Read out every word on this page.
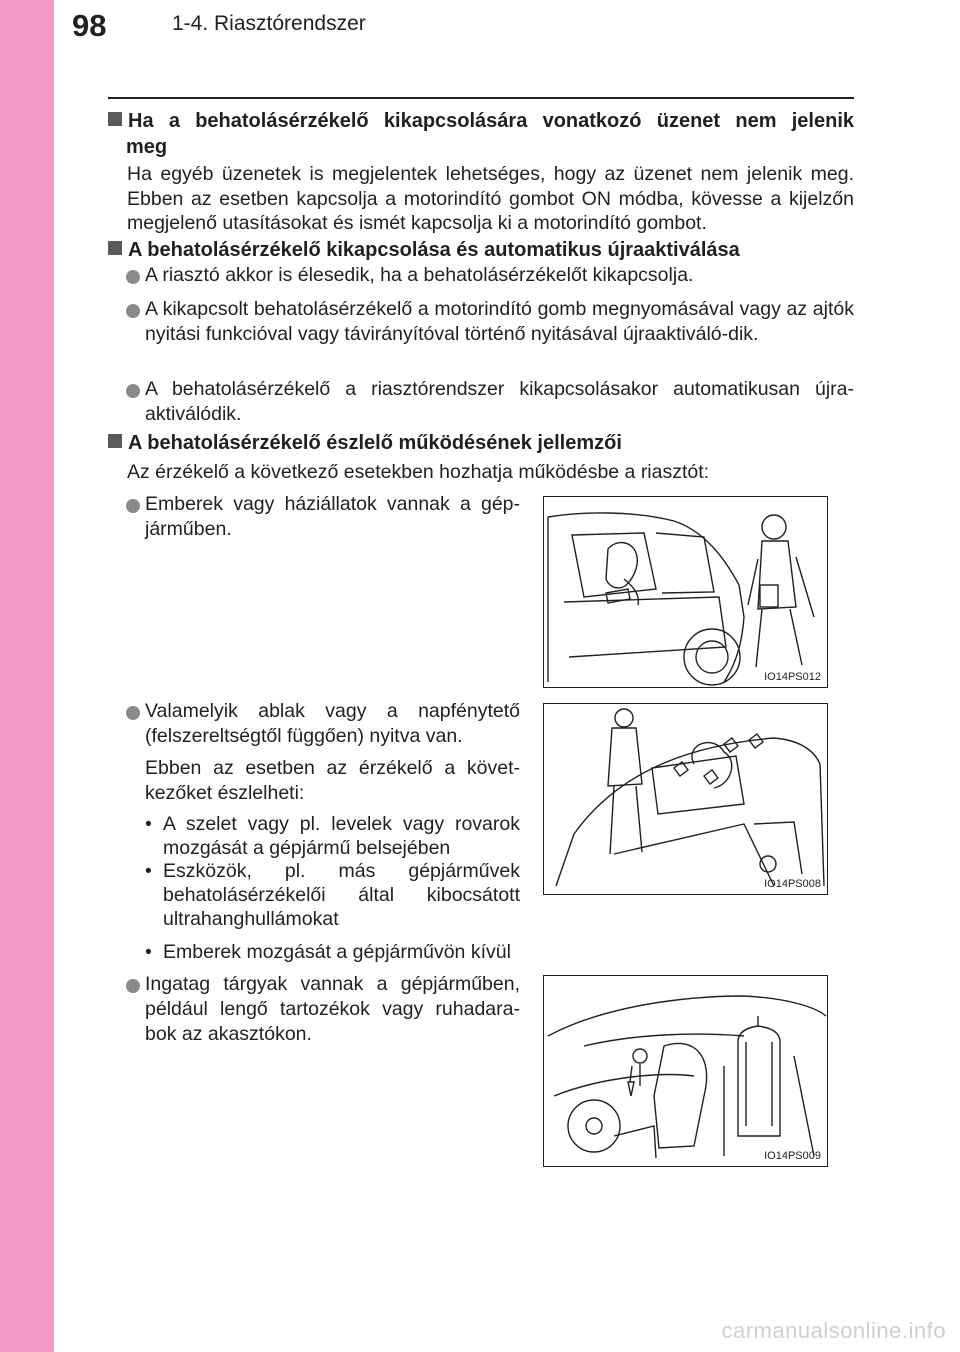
98	1-4. Riasztórendszer
Ha a behatolásérzékelő kikapcsolására vonatkozó üzenet nem jelenik
meg
Ha egyéb üzenetek is megjelentek lehetséges, hogy az üzenet nem jelenik meg. Ebben az esetben kapcsolja a motorindító gombot ON módba, kövesse a kijelzőn megjelenő utasításokat és ismét kapcsolja ki a motorindító gombot.
A behatolásérzékelő kikapcsolása és automatikus újraaktiválása
A riasztó akkor is élesedik, ha a behatolásérzékelőt kikapcsolja.
A kikapcsolt behatolásérzékelő a motorindító gomb megnyomásával vagy az ajtók nyitási funkcióval vagy távirányítóval történő nyitásával újraaktiváló-dik.
A behatolásérzékelő a riasztórendszer kikapcsolásakor automatikusan újra-aktiválódik.
A behatolásérzékelő észlelő működésének jellemzői
Az érzékelő a következő esetekben hozhatja működésbe a riasztót:
Emberek vagy háziállatok vannak a gép-járműben.
Valamelyik ablak vagy a napfénytető (felszereltségtől függően) nyitva van.
Ebben az esetben az érzékelő a követ-kezőket észlelheti:
• A szelet vagy pl. levelek vagy rovarok mozgását a gépjármű belsejében
• Eszközök, pl. más gépjárművek behatolásérzékelői által kibocsátott ultrahanghullámokat
• Emberek mozgását a gépjárművön kívül
Ingatag tárgyak vannak a gépjárműben, például lengő tartozékok vagy ruhadara-bok az akasztókon.
IO14PS012
IO14PS008
IO14PS009
carmanualsonline.info
